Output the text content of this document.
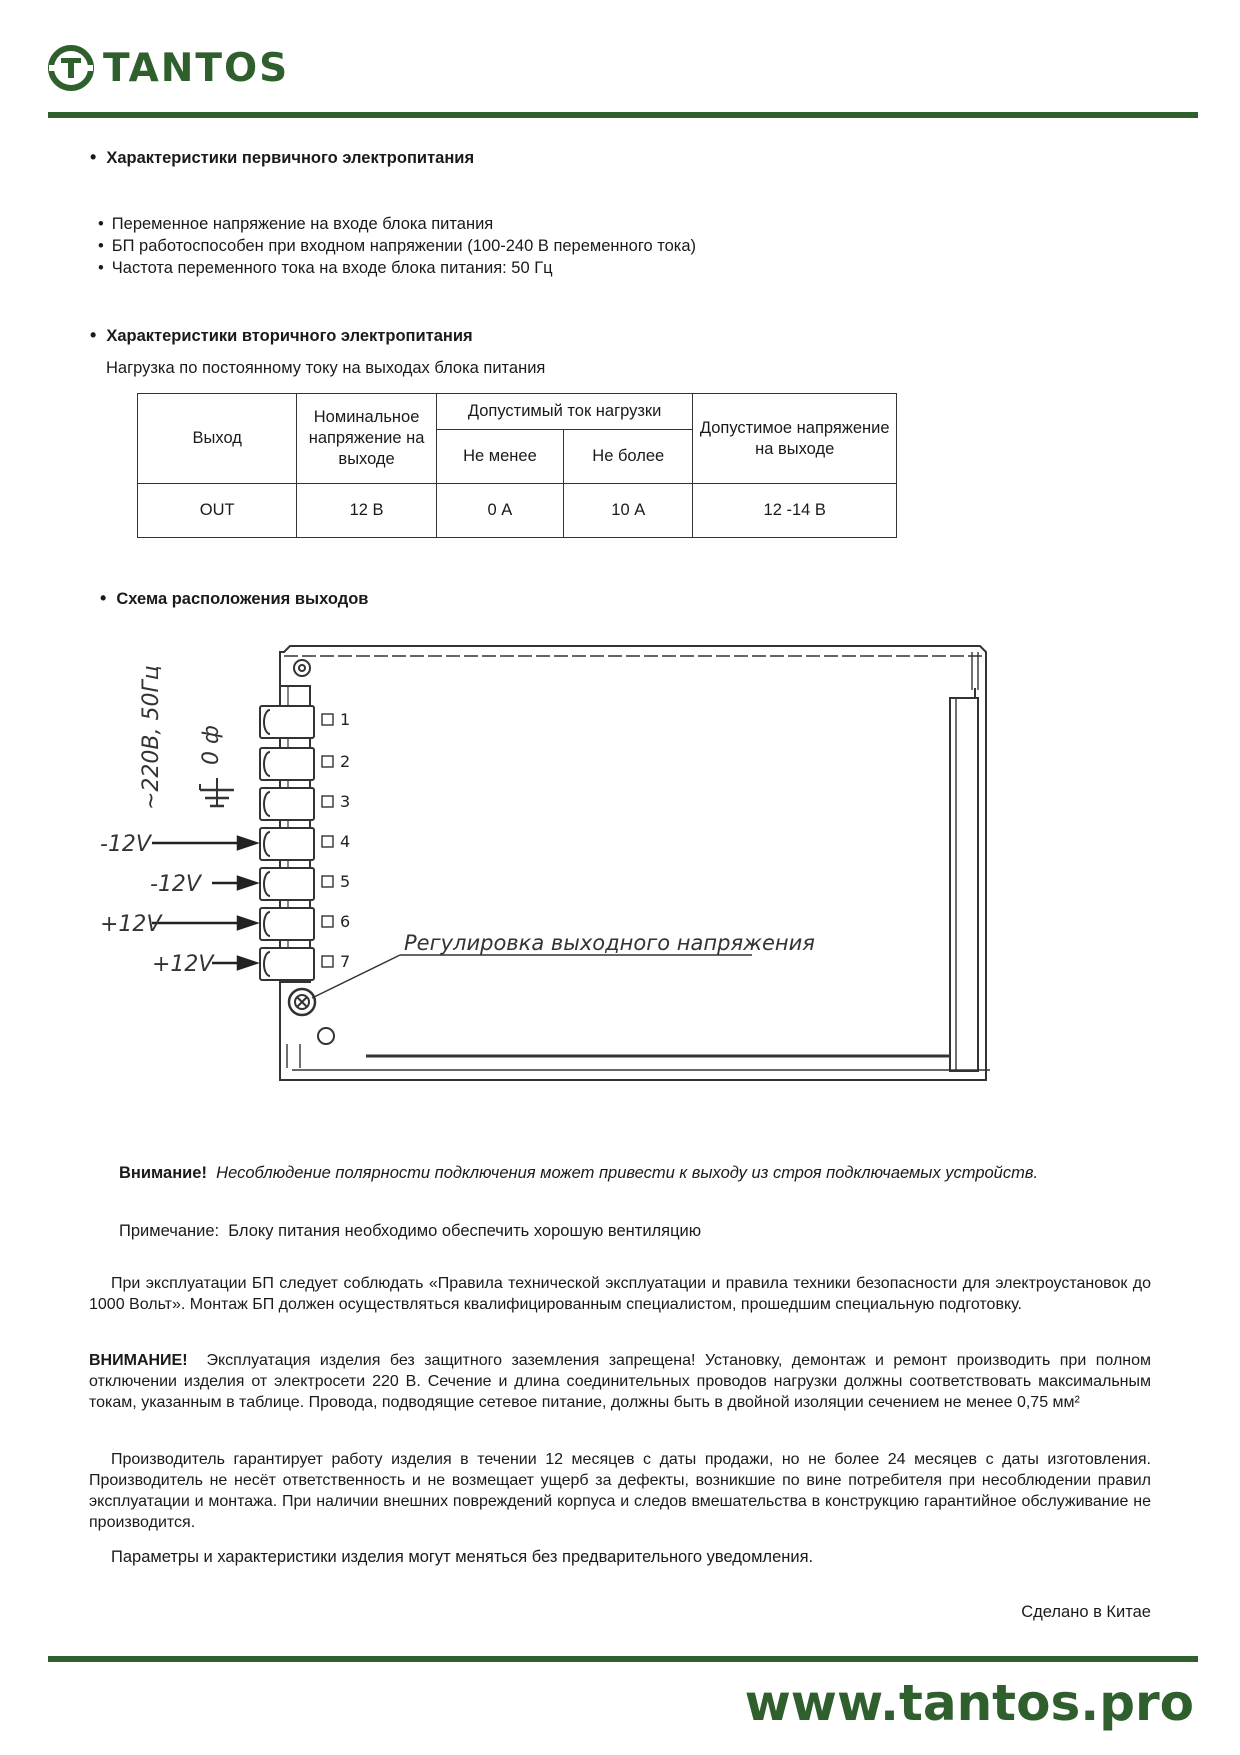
TANTOS
• Характеристики первичного электропитания
• Переменное напряжение на входе блока питания
• БП работоспособен при входном напряжении (100-240 В переменного тока)
• Частота переменного тока на входе блока питания: 50 Гц
• Характеристики вторичного электропитания
Нагрузка по постоянному току на выходах блока питания
Выход	Номинальное напряжение на выходе	Допустимый ток нагрузки		Допустимое напряжение на выходе
		Не менее	Не более	
OUT	12 В	0 А	10 А	12 -14 В
• Схема расположения выходов
1
2
3
4
5
6
7
-12V
-12V
+12V
+12V
~220В, 50Гц 0 ф
Регулировка выходного напряжения
Внимание! Несоблюдение полярности подключения может привести к выходу из строя подключаемых устройств.
Примечание: Блоку питания необходимо обеспечить хорошую вентиляцию
При эксплуатации БП следует соблюдать «Правила технической эксплуатации и правила техники безопасности для электроустановок до 1000 Вольт». Монтаж БП должен осуществляться квалифицированным специалистом, прошедшим специальную подготовку.
ВНИМАНИЕ! Эксплуатация изделия без защитного заземления запрещена! Установку, демонтаж и ремонт производить при полном отключении изделия от электросети 220 В. Сечение и длина соединительных проводов нагрузки должны соответствовать максимальным токам, указанным в таблице. Провода, подводящие сетевое питание, должны быть в двойной изоляции сечением не менее 0,75 мм²
Производитель гарантирует работу изделия в течении 12 месяцев с даты продажи, но не более 24 месяцев с даты изготовления. Производитель не несёт ответственность и не возмещает ущерб за дефекты, возникшие по вине потребителя при несоблюдении правил эксплуатации и монтажа. При наличии внешних повреждений корпуса и следов вмешательства в конструкцию гарантийное обслуживание не производится.
Параметры и характеристики изделия могут меняться без предварительного уведомления.
Сделано в Китае
www.tantos.pro
